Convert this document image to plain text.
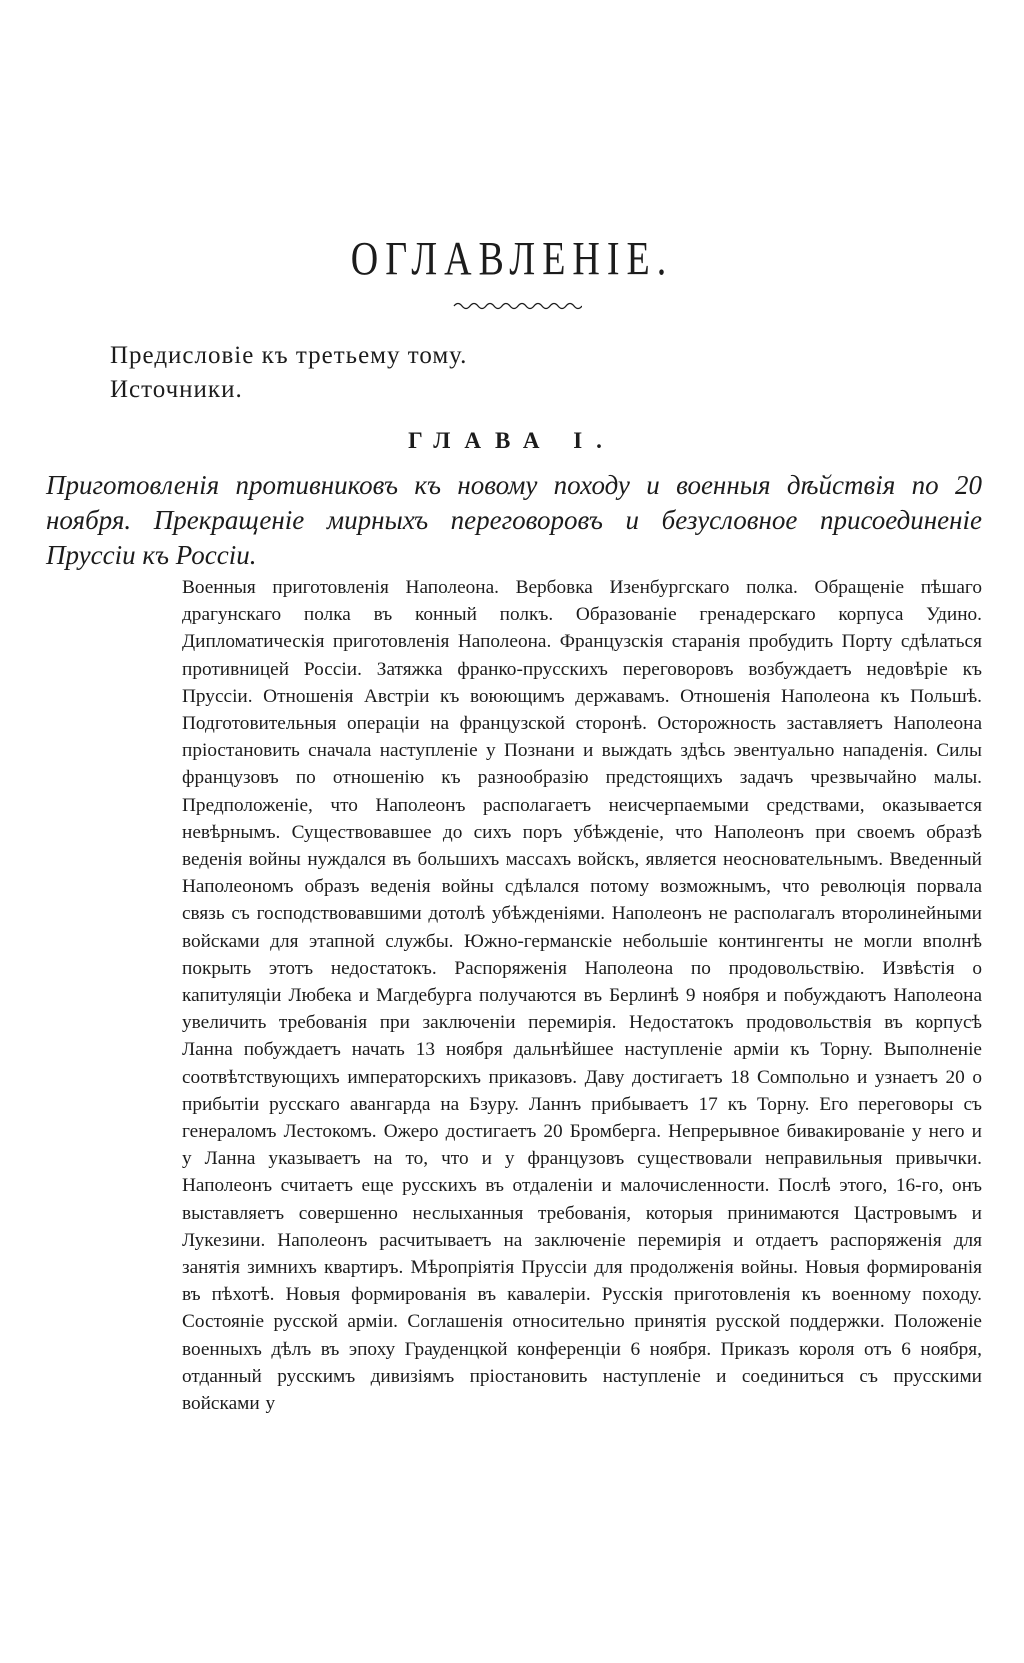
ОГЛАВЛЕНІЕ.

Предисловіе къ третьему тому.

Источники.

ГЛАВА I.

Приготовленія противниковъ къ новому походу и военныя дѣйствія по 20 ноября. Прекращеніе мирныхъ переговоровъ и безусловное присоединеніе Пруссіи къ Россіи.

Военныя приготовленія Наполеона. Вербовка Изенбургскаго полка. Обращеніе пѣшаго драгунскаго полка въ конный полкъ. Образованіе гренадерскаго корпуса Удино. Дипломатическія приготовленія Наполеона. Французскія старанія пробудить Порту сдѣлаться противницей Россіи. Затяжка франко-прусскихъ переговоровъ возбуждаетъ недовѣріе къ Пруссіи. Отношенія Австріи къ воюющимъ державамъ. Отношенія Наполеона къ Польшѣ. Подготовительныя операціи на французской сторонѣ. Осторожность заставляетъ Наполеона пріостановить сначала наступленіе у Познани и выждать здѣсь эвентуально нападенія. Силы французовъ по отношенію къ разнообразію предстоящихъ задачъ чрезвычайно малы. Предположеніе, что Наполеонъ располагаетъ неисчерпаемыми средствами, оказывается невѣрнымъ. Существовавшее до сихъ поръ убѣжденіе, что Наполеонъ при своемъ образѣ веденія войны нуждался въ большихъ массахъ войскъ, является неосновательнымъ. Введенный Наполеономъ образъ веденія войны сдѣлался потому возможнымъ, что революція порвала связь съ господствовавшими дотолѣ убѣжденіями. Наполеонъ не располагалъ второлинейными войсками для этапной службы. Южно-германскіе небольшіе контингенты не могли вполнѣ покрыть этотъ недостатокъ. Распоряженія Наполеона по продовольствію. Извѣстія о капитуляціи Любека и Магдебурга получаются въ Берлинѣ 9 ноября и побуждаютъ Наполеона увеличить требованія при заключеніи перемирія. Недостатокъ продовольствія въ корпусѣ Ланна побуждаетъ начать 13 ноября дальнѣйшее наступленіе арміи къ Торну. Выполненіе соотвѣтствующихъ императорскихъ приказовъ. Даву достигаетъ 18 Сомпольно и узнаетъ 20 о прибытіи русскаго авангарда на Бзуру. Ланнъ прибываетъ 17 къ Торну. Его переговоры съ генераломъ Лестокомъ. Ожеро достигаетъ 20 Бромберга. Непрерывное бивакированіе у него и у Ланна указываетъ на то, что и у французовъ существовали неправильныя привычки. Наполеонъ считаетъ еще русскихъ въ отдаленіи и малочисленности. Послѣ этого, 16-го, онъ выставляетъ совершенно неслыханныя требованія, которыя принимаются Цастровымъ и Лукезини. Наполеонъ расчитываетъ на заключеніе перемирія и отдаетъ распоряженія для занятія зимнихъ квартиръ. Мѣропріятія Пруссіи для продолженія войны. Новыя формированія въ пѣхотѣ. Новыя формированія въ кавалеріи. Русскія приготовленія къ военному походу. Состояніе русской арміи. Соглашенія относительно принятія русской поддержки. Положеніе военныхъ дѣлъ въ эпоху Грауденцкой конференціи 6 ноября. Приказъ короля отъ 6 ноября, отданный русскимъ дивизіямъ пріостановить наступленіе и соединиться съ прусскими войсками у
